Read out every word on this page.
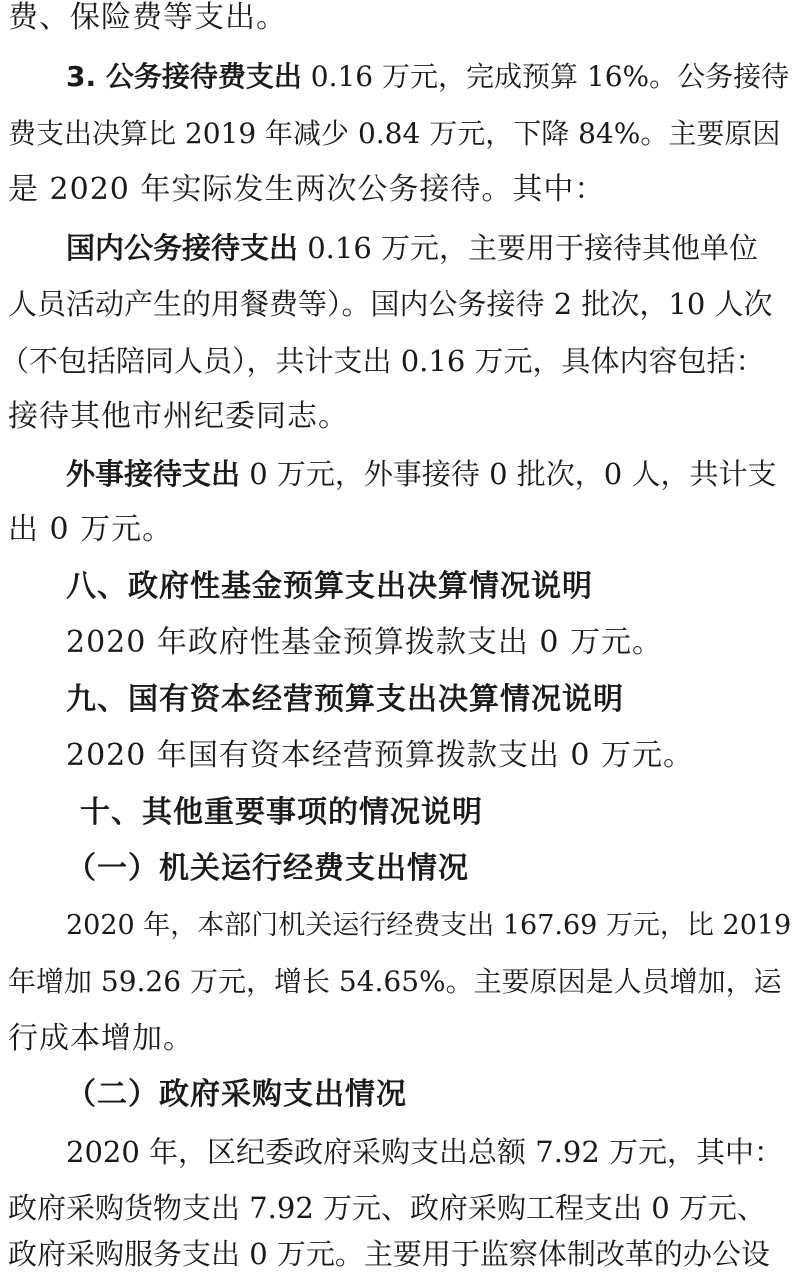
费、保险费等支出。
3. 公务接待费支出 0.16 万元，完成预算 16%。公务接待
费支出决算比 2019 年减少 0.84 万元，下降 84%。主要原因
是 2020 年实际发生两次公务接待。其中：
国内公务接待支出 0.16 万元，主要用于接待其他单位
人员活动产生的用餐费等）。国内公务接待 2 批次，10 人次
（不包括陪同人员），共计支出 0.16 万元，具体内容包括：
接待其他市州纪委同志。
外事接待支出 0 万元，外事接待 0 批次，0 人，共计支
出 0 万元。
八、政府性基金预算支出决算情况说明
2020 年政府性基金预算拨款支出 0 万元。
九、国有资本经营预算支出决算情况说明
2020 年国有资本经营预算拨款支出 0 万元。
十、其他重要事项的情况说明
（一）机关运行经费支出情况
2020 年，本部门机关运行经费支出 167.69 万元，比 2019
年增加 59.26 万元，增长 54.65%。主要原因是人员增加，运
行成本增加。
（二）政府采购支出情况
2020 年，区纪委政府采购支出总额 7.92 万元，其中：
政府采购货物支出 7.92 万元、政府采购工程支出 0 万元、
政府采购服务支出 0 万元。主要用于监察体制改革的办公设
